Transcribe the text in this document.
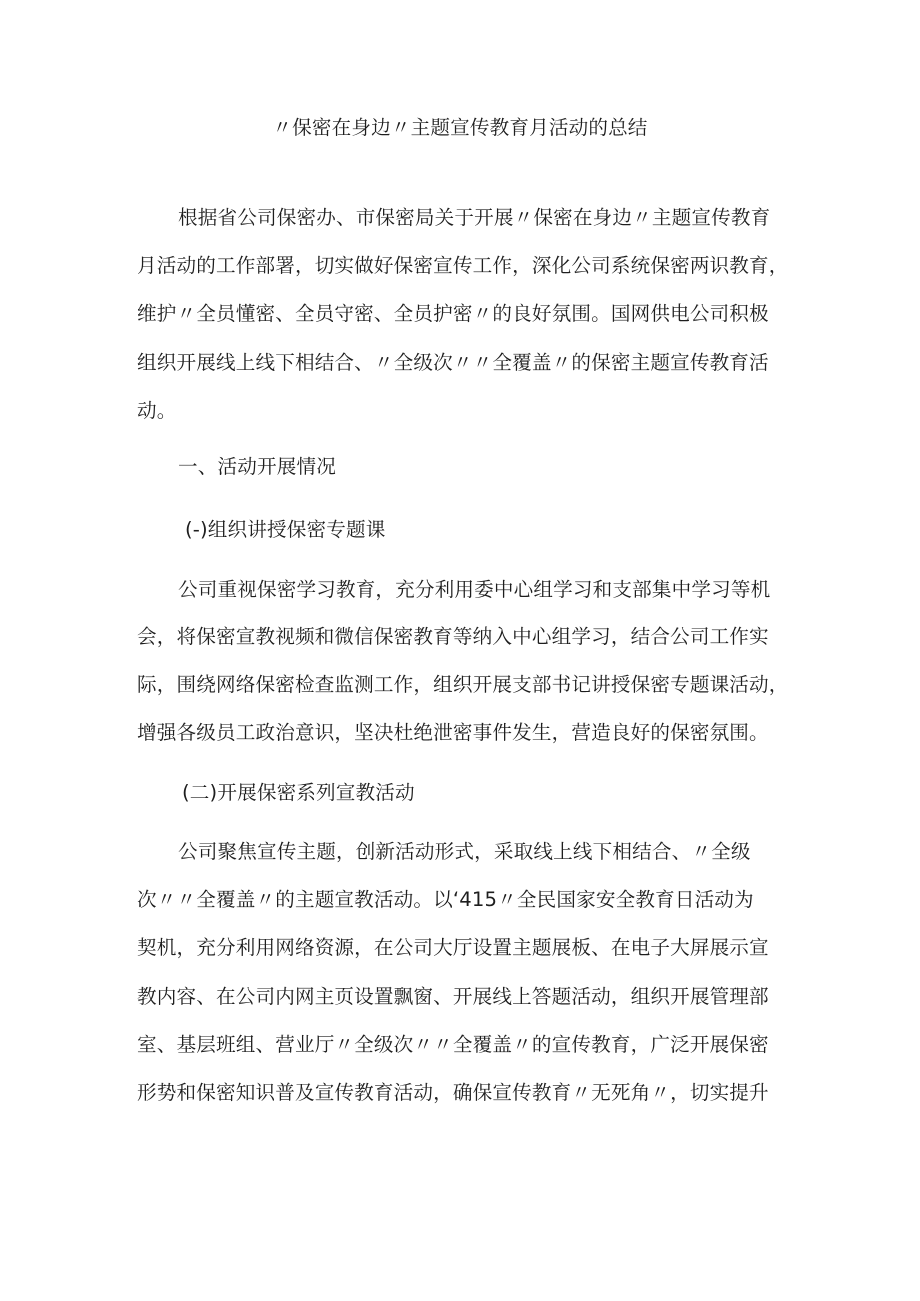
〃保密在身边〃主题宣传教育月活动的总结
根据省公司保密办、市保密局关于开展〃保密在身边〃主题宣传教育
月活动的工作部署，切实做好保密宣传工作，深化公司系统保密两识教育，
维护〃全员懂密、全员守密、全员护密〃的良好氛围。国网供电公司积极
组织开展线上线下相结合、〃全级次〃〃全覆盖〃的保密主题宣传教育活
动。
一、活动开展情况
(-)组织讲授保密专题课
公司重视保密学习教育，充分利用委中心组学习和支部集中学习等机
会，将保密宣教视频和微信保密教育等纳入中心组学习，结合公司工作实
际，围绕网络保密检查监测工作，组织开展支部书记讲授保密专题课活动，
增强各级员工政治意识，坚决杜绝泄密事件发生，营造良好的保密氛围。
(二)开展保密系列宣教活动
公司聚焦宣传主题，创新活动形式，采取线上线下相结合、〃全级
次〃〃全覆盖〃的主题宣教活动。以‘415〃全民国家安全教育日活动为
契机，充分利用网络资源，在公司大厅设置主题展板、在电子大屏展示宣
教内容、在公司内网主页设置飘窗、开展线上答题活动，组织开展管理部
室、基层班组、营业厅〃全级次〃〃全覆盖〃的宣传教育，广泛开展保密
形势和保密知识普及宣传教育活动，确保宣传教育〃无死角〃，切实提升
